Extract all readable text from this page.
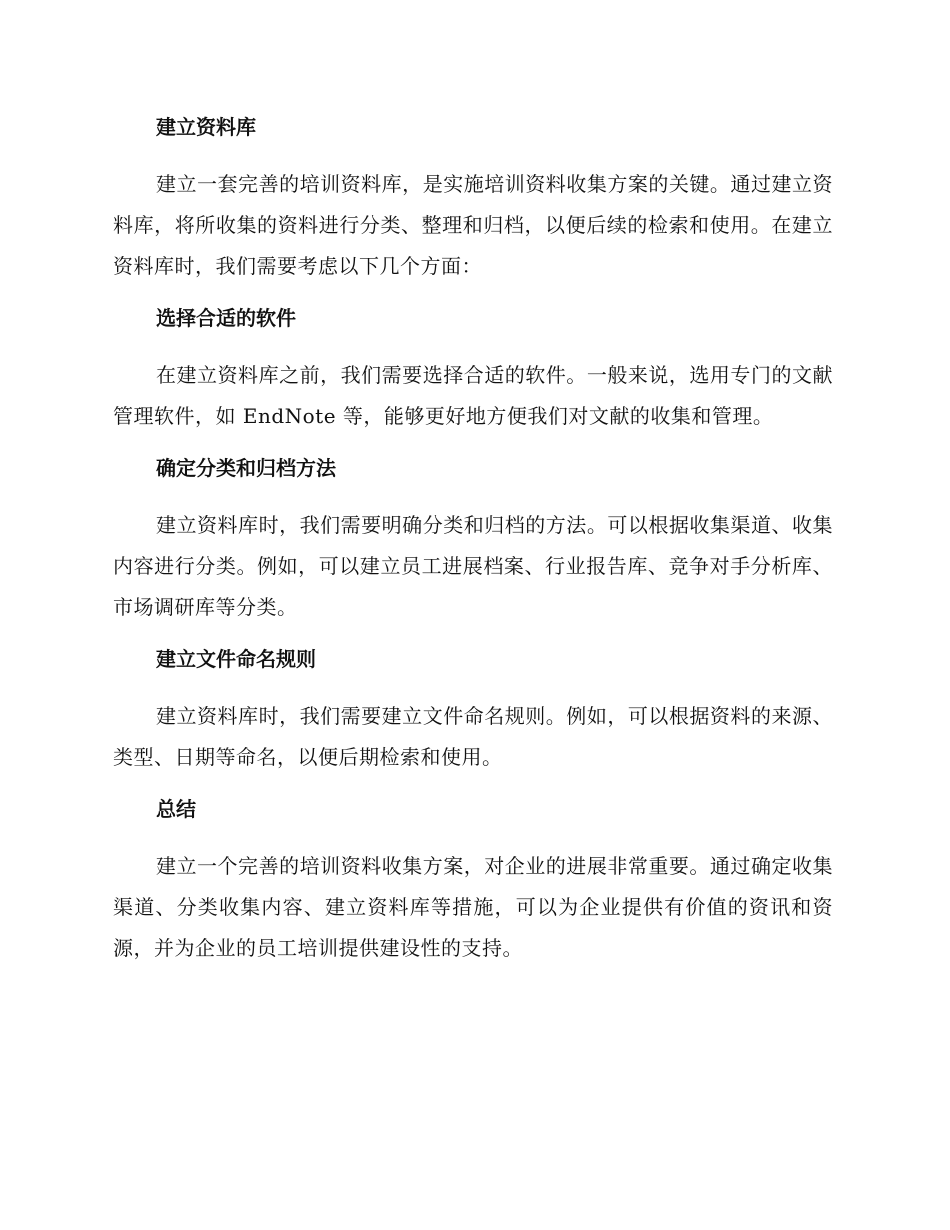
建立资料库

建立一套完善的培训资料库，是实施培训资料收集方案的关键。通过建立资料库，将所收集的资料进行分类、整理和归档，以便后续的检索和使用。在建立资料库时，我们需要考虑以下几个方面：

选择合适的软件

在建立资料库之前，我们需要选择合适的软件。一般来说，选用专门的文献管理软件，如 EndNote 等，能够更好地方便我们对文献的收集和管理。

确定分类和归档方法

建立资料库时，我们需要明确分类和归档的方法。可以根据收集渠道、收集内容进行分类。例如，可以建立员工进展档案、行业报告库、竞争对手分析库、市场调研库等分类。

建立文件命名规则

建立资料库时，我们需要建立文件命名规则。例如，可以根据资料的来源、类型、日期等命名，以便后期检索和使用。

总结

建立一个完善的培训资料收集方案，对企业的进展非常重要。通过确定收集渠道、分类收集内容、建立资料库等措施，可以为企业提供有价值的资讯和资源，并为企业的员工培训提供建设性的支持。
